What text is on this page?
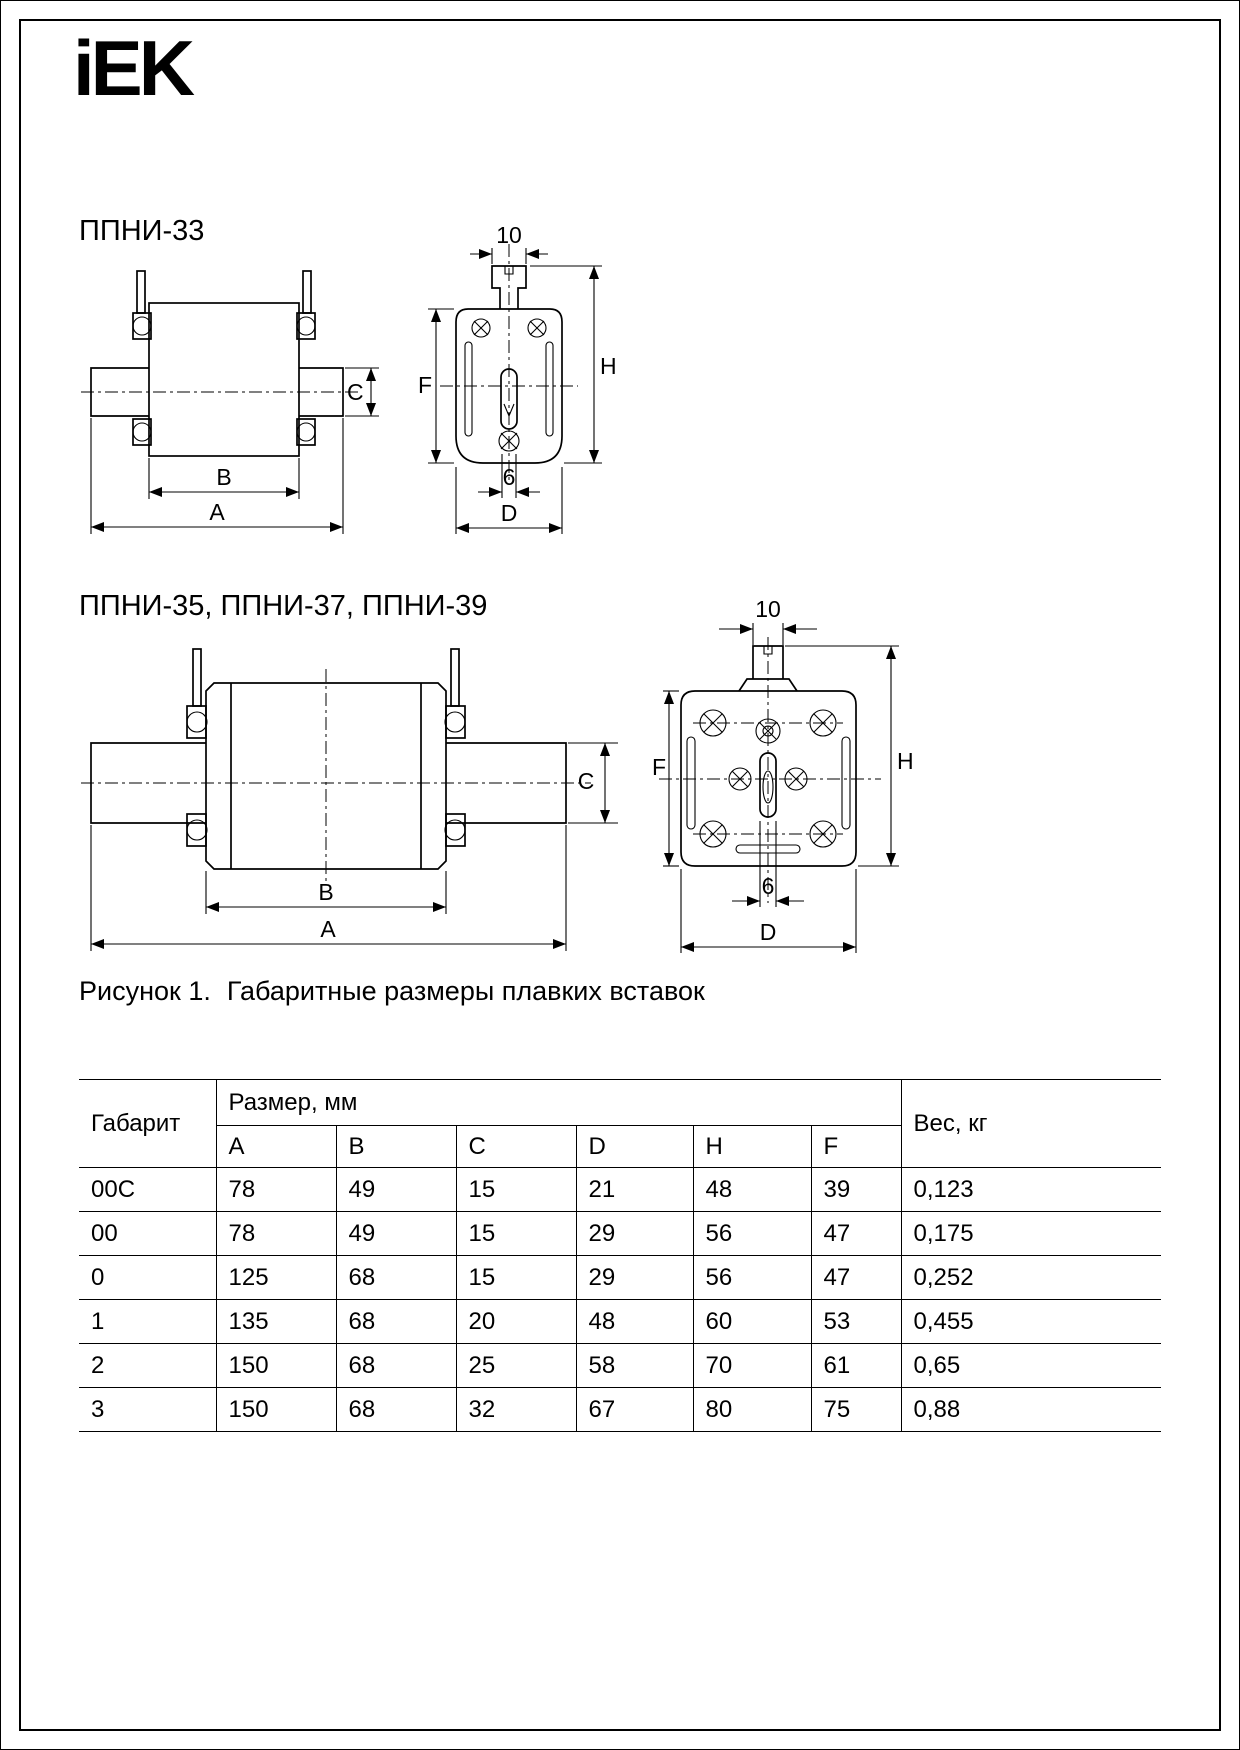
iEK
ППНИ-33
C
B
A
10
F
H
6
D
ППНИ-35, ППНИ-37, ППНИ-39
C
B
A
10
F	H
6
D
Рисунок 1. Габаритные размеры плавких вставок
Габарит	Размер, мм						Вес, кг
	A	B	C	D	H	F	
00C	78	49	15	21	48	39	0,123
00	78	49	15	29	56	47	0,175
0	125	68	15	29	56	47	0,252
1	135	68	20	48	60	53	0,455
2	150	68	25	58	70	61	0,65
3	150	68	32	67	80	75	0,88
